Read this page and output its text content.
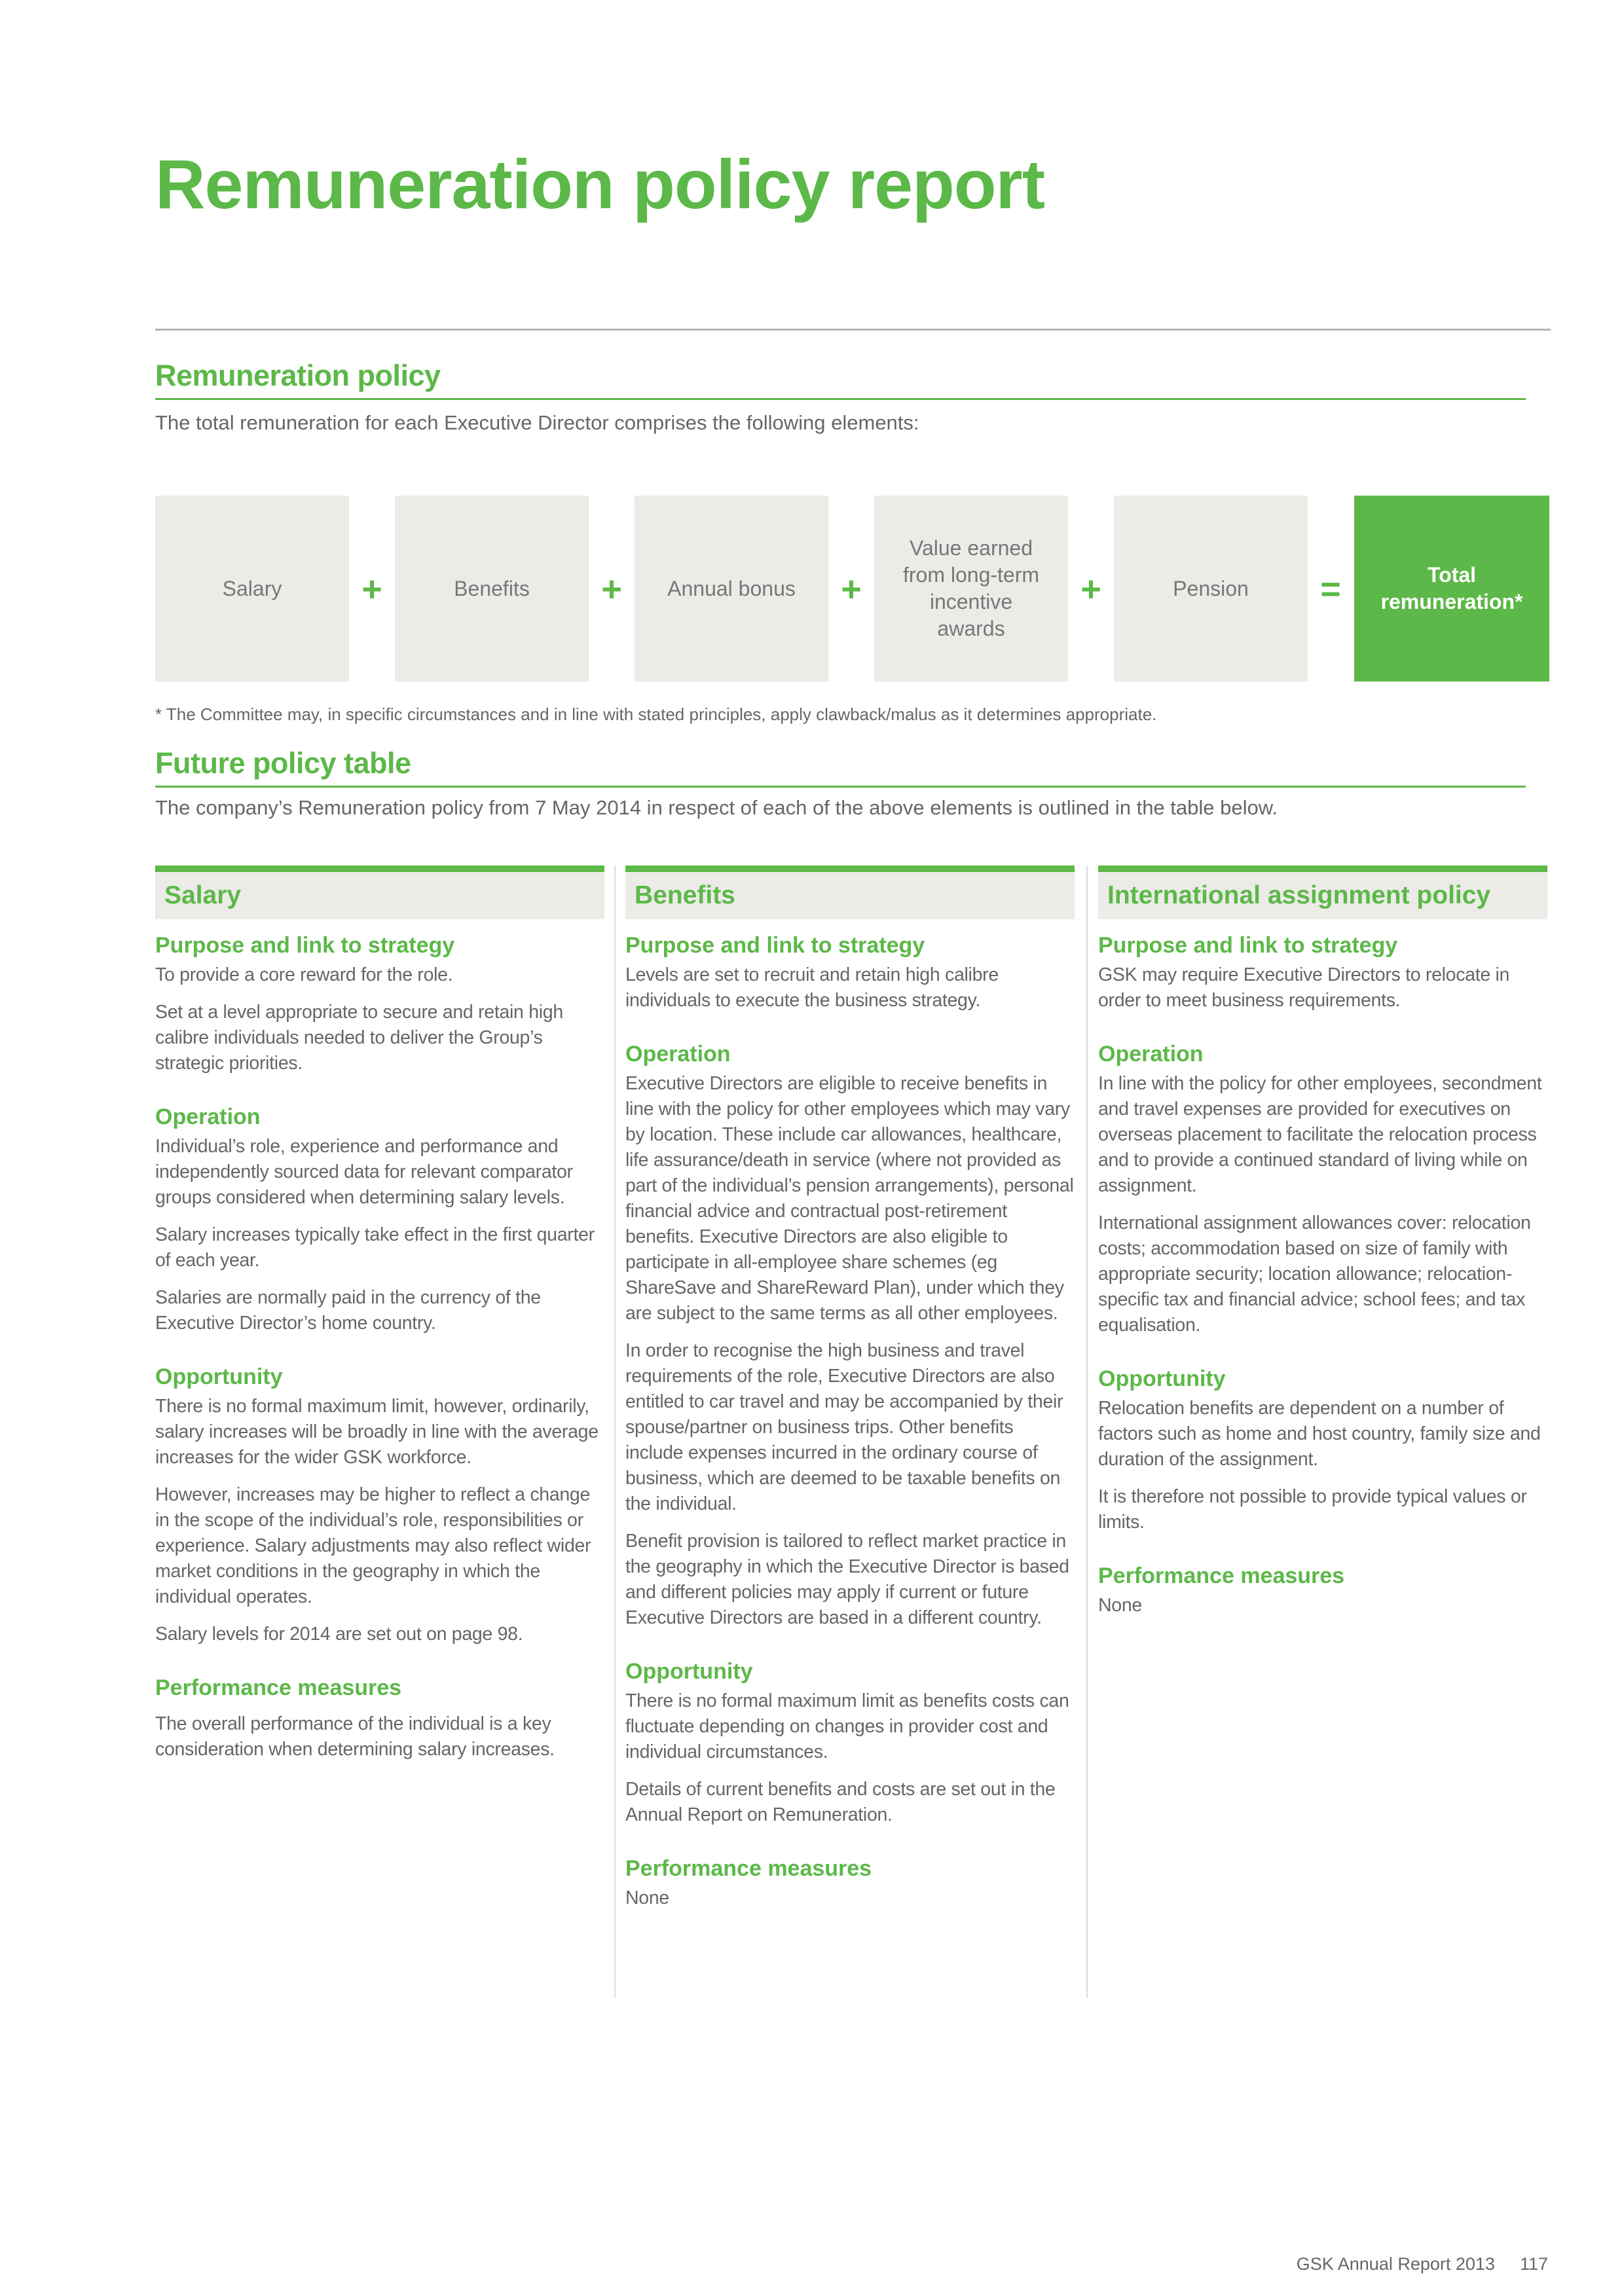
Remuneration policy report
Remuneration policy

The total remuneration for each Executive Director comprises the following elements:

Salary	+	Benefits	+	Annual bonus	+
Value earned from long-term incentive awards
+	Pension	=	Total remuneration*

* The Committee may, in specific circumstances and in line with stated principles, apply clawback/malus as it determines appropriate.

Future policy table

The company’s Remuneration policy from 7 May 2014 in respect of each of the above elements is outlined in the table below.

Salary
Purpose and link to strategy

To provide a core reward for the role.

Set at a level appropriate to secure and retain high calibre individuals needed to deliver the Group’s strategic priorities.

Operation

Individual’s role, experience and performance and independently sourced data for relevant comparator groups considered when determining salary levels.

Salary increases typically take effect in the first quarter of each year.

Salaries are normally paid in the currency of the Executive Director’s home country.

Opportunity

There is no formal maximum limit, however, ordinarily, salary increases will be broadly in line with the average increases for the wider GSK workforce.

However, increases may be higher to reflect a change in the scope of the individual’s role, responsibilities or experience. Salary adjustments may also reflect wider market conditions in the geography in which the individual operates.

Salary levels for 2014 are set out on page 98.

Performance measures

The overall performance of the individual is a key consideration when determining salary increases.

Benefits
Purpose and link to strategy

Levels are set to recruit and retain high calibre individuals to execute the business strategy.

Operation

Executive Directors are eligible to receive benefits in line with the policy for other employees which may vary by location. These include car allowances, healthcare, life assurance/death in service (where not provided as part of the individual’s pension arrangements), personal financial advice and contractual post-retirement benefits. Executive Directors are also eligible to participate in all-employee share schemes (eg ShareSave and ShareReward Plan), under which they are subject to the same terms as all other employees.

In order to recognise the high business and travel requirements of the role, Executive Directors are also entitled to car travel and may be accompanied by their spouse/partner on business trips. Other benefits include expenses incurred in the ordinary course of business, which are deemed to be taxable benefits on the individual.

Benefit provision is tailored to reflect market practice in the geography in which the Executive Director is based and different policies may apply if current or future Executive Directors are based in a different country.

Opportunity

There is no formal maximum limit as benefits costs can fluctuate depending on changes in provider cost and individual circumstances.

Details of current benefits and costs are set out in the Annual Report on Remuneration.

Performance measures

None

International assignment policy
Purpose and link to strategy

GSK may require Executive Directors to relocate in order to meet business requirements.

Operation

In line with the policy for other employees, secondment and travel expenses are provided for executives on overseas placement to facilitate the relocation process and to provide a continued standard of living while on assignment.

International assignment allowances cover: relocation costs; accommodation based on size of family with appropriate security; location allowance; relocation-specific tax and financial advice; school fees; and tax equalisation.

Opportunity

Relocation benefits are dependent on a number of factors such as home and host country, family size and duration of the assignment.

It is therefore not possible to provide typical values or limits.

Performance measures

None

GSK Annual Report 2013 117
